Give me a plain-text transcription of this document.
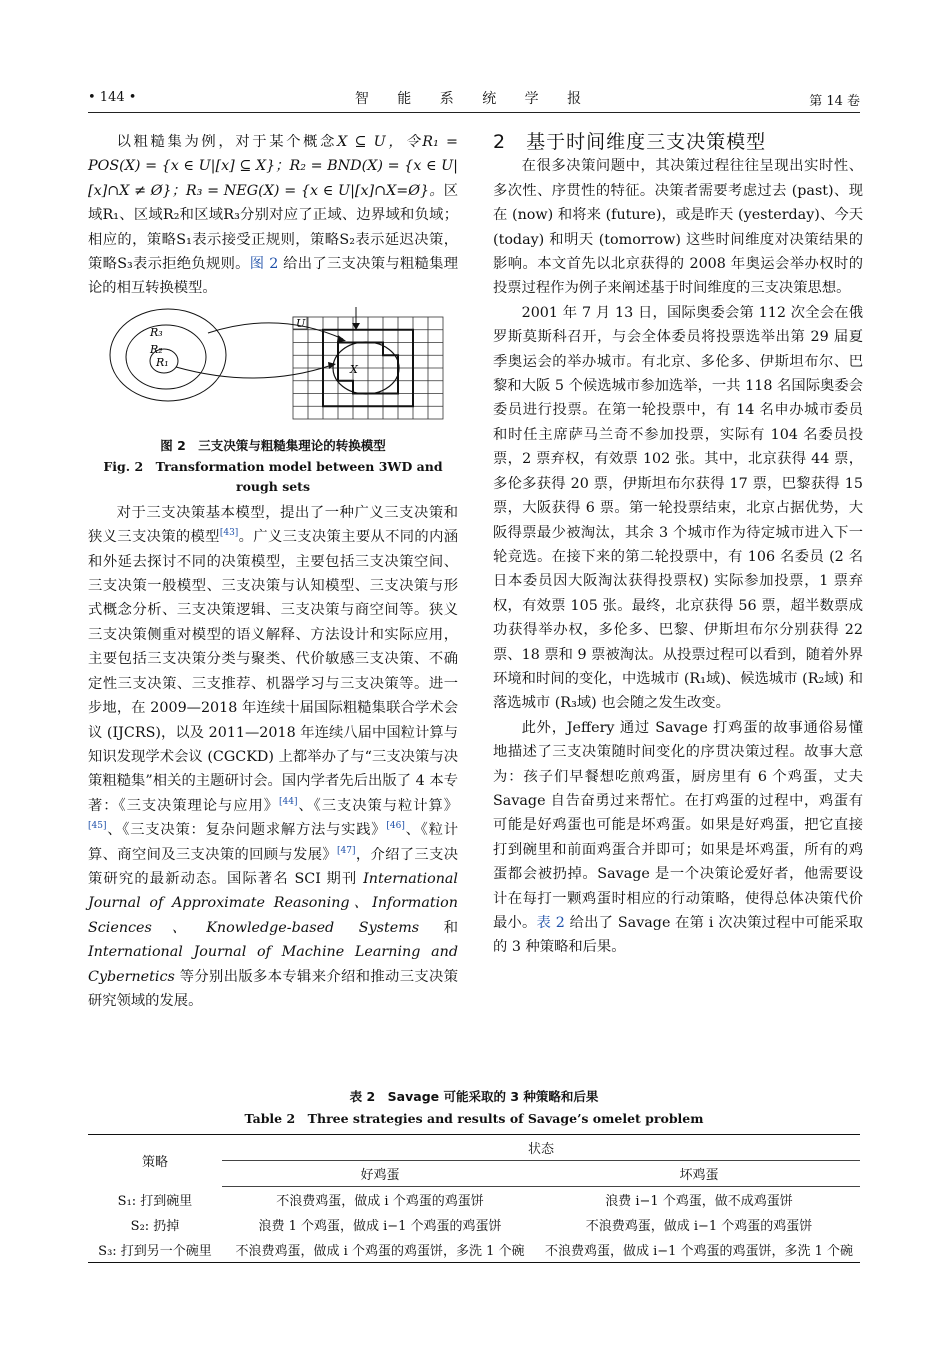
• 144 •	智 能 系 统 学 报	第 14 卷

以粗糙集为例，对于某个概念X ⊆ U，令R₁ = POS(X) = {x ∈ U|[x] ⊆ X}；R₂ = BND(X) = {x ∈ U|[x]∩X ≠ Ø}；R₃ = NEG(X) = {x ∈ U|[x]∩X=Ø}。区域R₁、区域R₂和区域R₃分别对应了正域、边界域和负域；相应的，策略S₁表示接受正规则，策略S₂表示延迟决策，策略S₃表示拒绝负规则。图 2 给出了三支决策与粗糙集理论的相互转换模型。

R₃
R₂
R₁
U
X
图 2　三支决策与粗糙集理论的转换模型
Fig. 2　Transformation model between 3WD and rough sets

对于三支决策基本模型，提出了一种广义三支决策和狭义三支决策的模型[43]。广义三支决策主要从不同的内涵和外延去探讨不同的决策模型，主要包括三支决策空间、三支决策一般模型、三支决策与认知模型、三支决策与形式概念分析、三支决策逻辑、三支决策与商空间等。狭义三支决策侧重对模型的语义解释、方法设计和实际应用，主要包括三支决策分类与聚类、代价敏感三支决策、不确定性三支决策、三支推荐、机器学习与三支决策等。进一步地，在 2009—2018 年连续十届国际粗糙集联合学术会议 (IJCRS)，以及 2011—2018 年连续八届中国粒计算与知识发现学术会议 (CGCKD) 上都举办了与“三支决策与决策粗糙集”相关的主题研讨会。国内学者先后出版了 4 本专著：《三支决策理论与应用》[44]、《三支决策与粒计算》[45]、《三支决策：复杂问题求解方法与实践》[46]、《粒计算、商空间及三支决策的回顾与发展》[47]，介绍了三支决策研究的最新动态。国际著名 SCI 期刊 International Journal of Approximate Reasoning、Information Sciences、Knowledge-based Systems 和 International Journal of Machine Learning and Cybernetics 等分别出版多本专辑来介绍和推动三支决策研究领域的发展。

2　基于时间维度三支决策模型

在很多决策问题中，其决策过程往往呈现出实时性、多次性、序贯性的特征。决策者需要考虑过去 (past)、现在 (now) 和将来 (future)，或是昨天 (yesterday)、今天 (today) 和明天 (tomorrow) 这些时间维度对决策结果的影响。本文首先以北京获得的 2008 年奥运会举办权时的投票过程作为例子来阐述基于时间维度的三支决策思想。

2001 年 7 月 13 日，国际奥委会第 112 次全会在俄罗斯莫斯科召开，与会全体委员将投票选举出第 29 届夏季奥运会的举办城市。有北京、多伦多、伊斯坦布尔、巴黎和大阪 5 个候选城市参加选举，一共 118 名国际奥委会委员进行投票。在第一轮投票中，有 14 名申办城市委员和时任主席萨马兰奇不参加投票，实际有 104 名委员投票，2 票弃权，有效票 102 张。其中，北京获得 44 票，多伦多获得 20 票，伊斯坦布尔获得 17 票，巴黎获得 15 票，大阪获得 6 票。第一轮投票结束，北京占据优势，大阪得票最少被淘汰，其余 3 个城市作为待定城市进入下一轮竞选。在接下来的第二轮投票中，有 106 名委员 (2 名日本委员因大阪淘汰获得投票权) 实际参加投票，1 票弃权，有效票 105 张。最终，北京获得 56 票，超半数票成功获得举办权，多伦多、巴黎、伊斯坦布尔分别获得 22 票、18 票和 9 票被淘汰。从投票过程可以看到，随着外界环境和时间的变化，中选城市 (R₁域)、候选城市 (R₂域) 和落选城市 (R₃域) 也会随之发生改变。

此外，Jeffery 通过 Savage 打鸡蛋的故事通俗易懂地描述了三支决策随时间变化的序贯决策过程。故事大意为：孩子们早餐想吃煎鸡蛋，厨房里有 6 个鸡蛋，丈夫 Savage 自告奋勇过来帮忙。在打鸡蛋的过程中，鸡蛋有可能是好鸡蛋也可能是坏鸡蛋。如果是好鸡蛋，把它直接打到碗里和前面鸡蛋合并即可；如果是坏鸡蛋，所有的鸡蛋都会被扔掉。Savage 是一个决策论爱好者，他需要设计在每打一颗鸡蛋时相应的行动策略，使得总体决策代价最小。表 2 给出了 Savage 在第 i 次决策过程中可能采取的 3 种策略和后果。

表 2　Savage 可能采取的 3 种策略和后果
Table 2　Three strategies and results of Savage’s omelet problem
策略	状态	
	好鸡蛋	坏鸡蛋
S₁: 打到碗里	不浪费鸡蛋，做成 i 个鸡蛋的鸡蛋饼	浪费 i−1 个鸡蛋，做不成鸡蛋饼
S₂: 扔掉	浪费 1 个鸡蛋，做成 i−1 个鸡蛋的鸡蛋饼	不浪费鸡蛋，做成 i−1 个鸡蛋的鸡蛋饼
S₃: 打到另一个碗里	不浪费鸡蛋，做成 i 个鸡蛋的鸡蛋饼，多洗 1 个碗	不浪费鸡蛋，做成 i−1 个鸡蛋的鸡蛋饼，多洗 1 个碗
